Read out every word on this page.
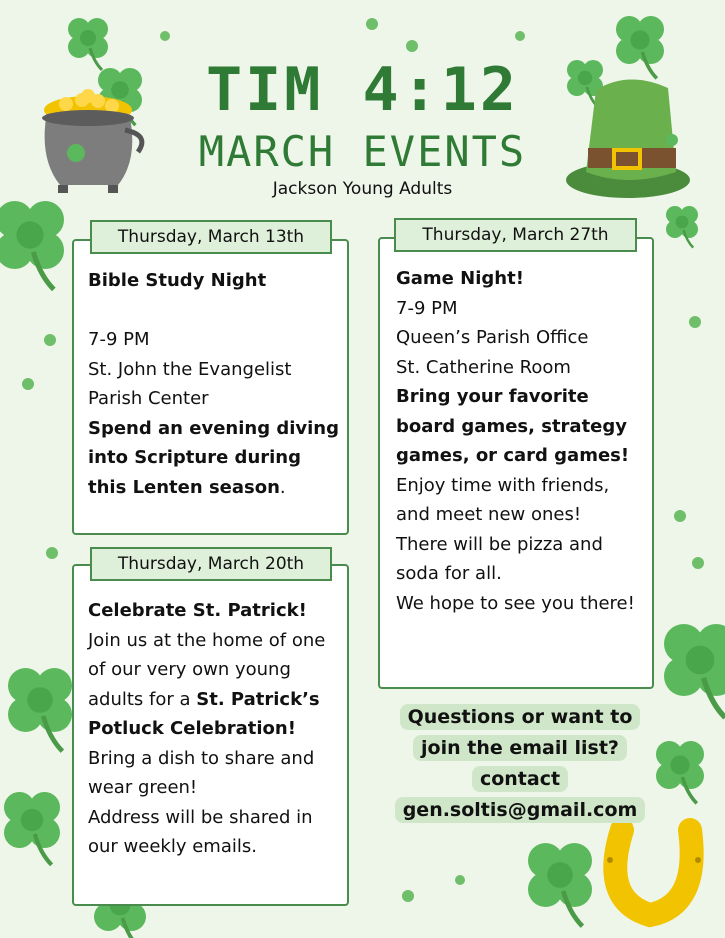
TIM 4:12
MARCH EVENTS
Jackson Young Adults
Thursday, March 13th
Bible Study Night

7-9 PM
St. John the Evangelist
Parish Center
Spend an evening diving into Scripture during this Lenten season.
Thursday, March 20th
Celebrate St. Patrick!
Join us at the home of one of our very own young adults for a St. Patrick’s Potluck Celebration! Bring a dish to share and wear green!
Address will be shared in our weekly emails.
Thursday, March 27th
Game Night!
7-9 PM
Queen’s Parish Office
St. Catherine Room
Bring your favorite board games, strategy games, or card games! Enjoy time with friends, and meet new ones!
There will be pizza and soda for all.
We hope to see you there!
Questions or want to
join the email list?
contact
gen.soltis@gmail.com
